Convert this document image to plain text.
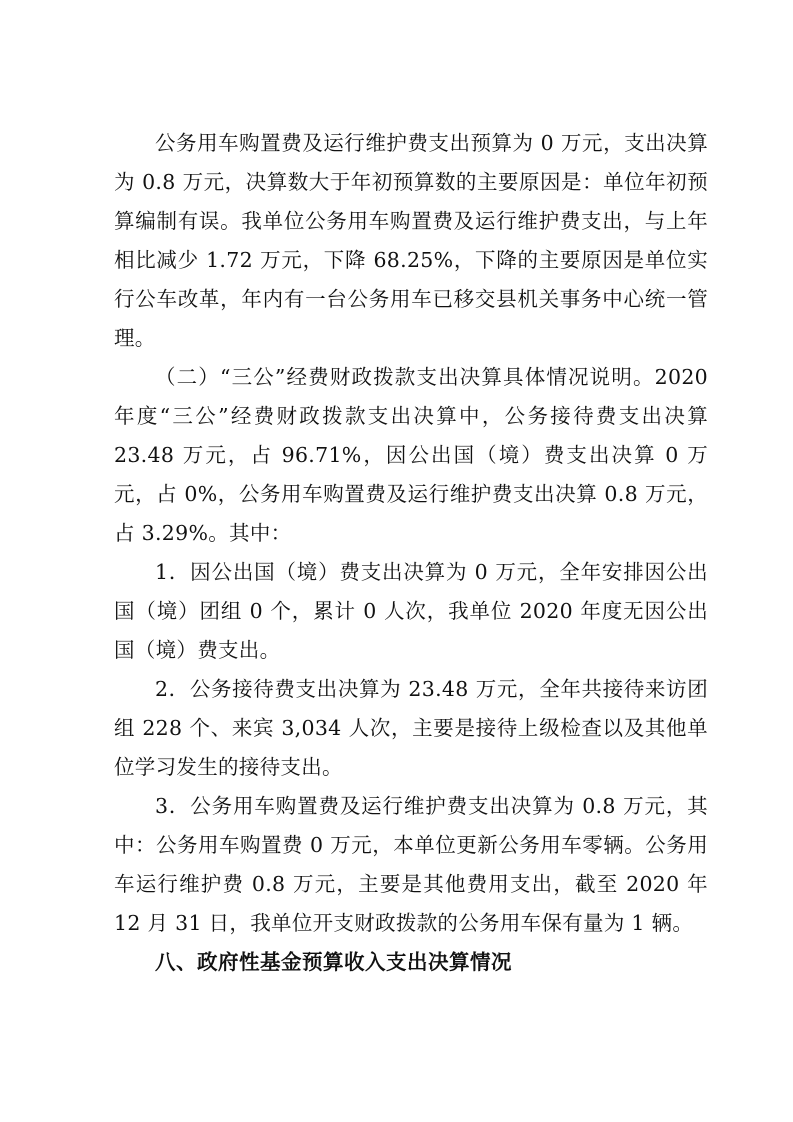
公务用车购置费及运行维护费支出预算为 0 万元，支出决算为 0.8 万元，决算数大于年初预算数的主要原因是：单位年初预算编制有误。我单位公务用车购置费及运行维护费支出，与上年相比减少 1.72 万元，下降 68.25%，下降的主要原因是单位实行公车改革，年内有一台公务用车已移交县机关事务中心统一管理。

（二）“三公”经费财政拨款支出决算具体情况说明。2020 年度“三公”经费财政拨款支出决算中，公务接待费支出决算 23.48 万元，占 96.71%，因公出国（境）费支出决算 0 万元，占 0%，公务用车购置费及运行维护费支出决算 0.8 万元，占 3.29%。其中：

1．因公出国（境）费支出决算为 0 万元，全年安排因公出国（境）团组 0 个，累计 0 人次，我单位 2020 年度无因公出国（境）费支出。

2．公务接待费支出决算为 23.48 万元，全年共接待来访团组 228 个、来宾 3,034 人次，主要是接待上级检查以及其他单位学习发生的接待支出。

3．公务用车购置费及运行维护费支出决算为 0.8 万元，其中：公务用车购置费 0 万元，本单位更新公务用车零辆。公务用车运行维护费 0.8 万元，主要是其他费用支出，截至 2020 年 12 月 31 日，我单位开支财政拨款的公务用车保有量为 1 辆。

八、政府性基金预算收入支出决算情况
